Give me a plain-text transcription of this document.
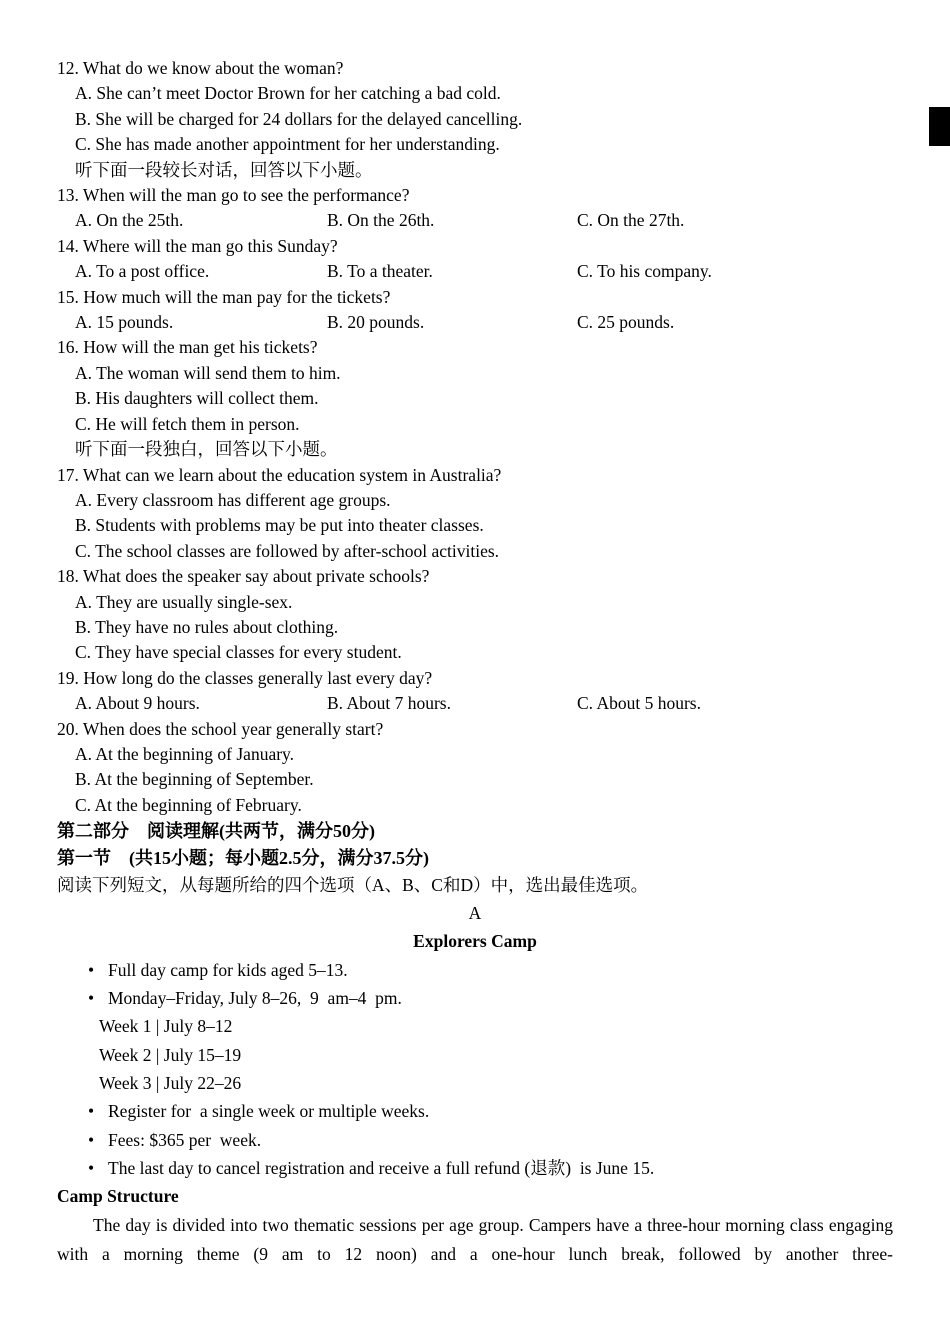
12. What do we know about the woman?
A. She can’t meet Doctor Brown for her catching a bad cold.
B. She will be charged for 24 dollars for the delayed cancelling.
C. She has made another appointment for her understanding.
听下面一段较长对话，回答以下小题。
13. When will the man go to see the performance?
A. On the 25th.	B. On the 26th.	C. On the 27th.
14. Where will the man go this Sunday?
A. To a post office.	B. To a theater.	C. To his company.
15. How much will the man pay for the tickets?
A. 15 pounds.	B. 20 pounds.	C. 25 pounds.
16. How will the man get his tickets?
A. The woman will send them to him.
B. His daughters will collect them.
C. He will fetch them in person.
听下面一段独白，回答以下小题。
17. What can we learn about the education system in Australia?
A. Every classroom has different age groups.
B. Students with problems may be put into theater classes.
C. The school classes are followed by after-school activities.
18. What does the speaker say about private schools?
A. They are usually single-sex.
B. They have no rules about clothing.
C. They have special classes for every student.
19. How long do the classes generally last every day?
A. About 9 hours.	B. About 7 hours.	C. About 5 hours.
20. When does the school year generally start?
A. At the beginning of January.
B. At the beginning of September.
C. At the beginning of February.
第二部分　阅读理解(共两节，满分50分)
第一节　(共15小题；每小题2.5分，满分37.5分)
阅读下列短文，从每题所给的四个选项（A、B、C和D）中，选出最佳选项。
A
Explorers Camp
• Full day camp for kids aged 5–13.
• Monday–Friday, July 8–26,  9  am–4  pm.
Week 1 | July 8–12
Week 2 | July 15–19
Week 3 | July 22–26
• Register for  a single week or multiple weeks.
• Fees: $365 per  week.
• The last day to cancel registration and receive a full refund (退款)  is June 15.
Camp Structure
The day is divided into two thematic sessions per age group. Campers have a three-hour morning class engaging with a morning theme (9 am to 12 noon) and a one-hour lunch break, followed by another three-
